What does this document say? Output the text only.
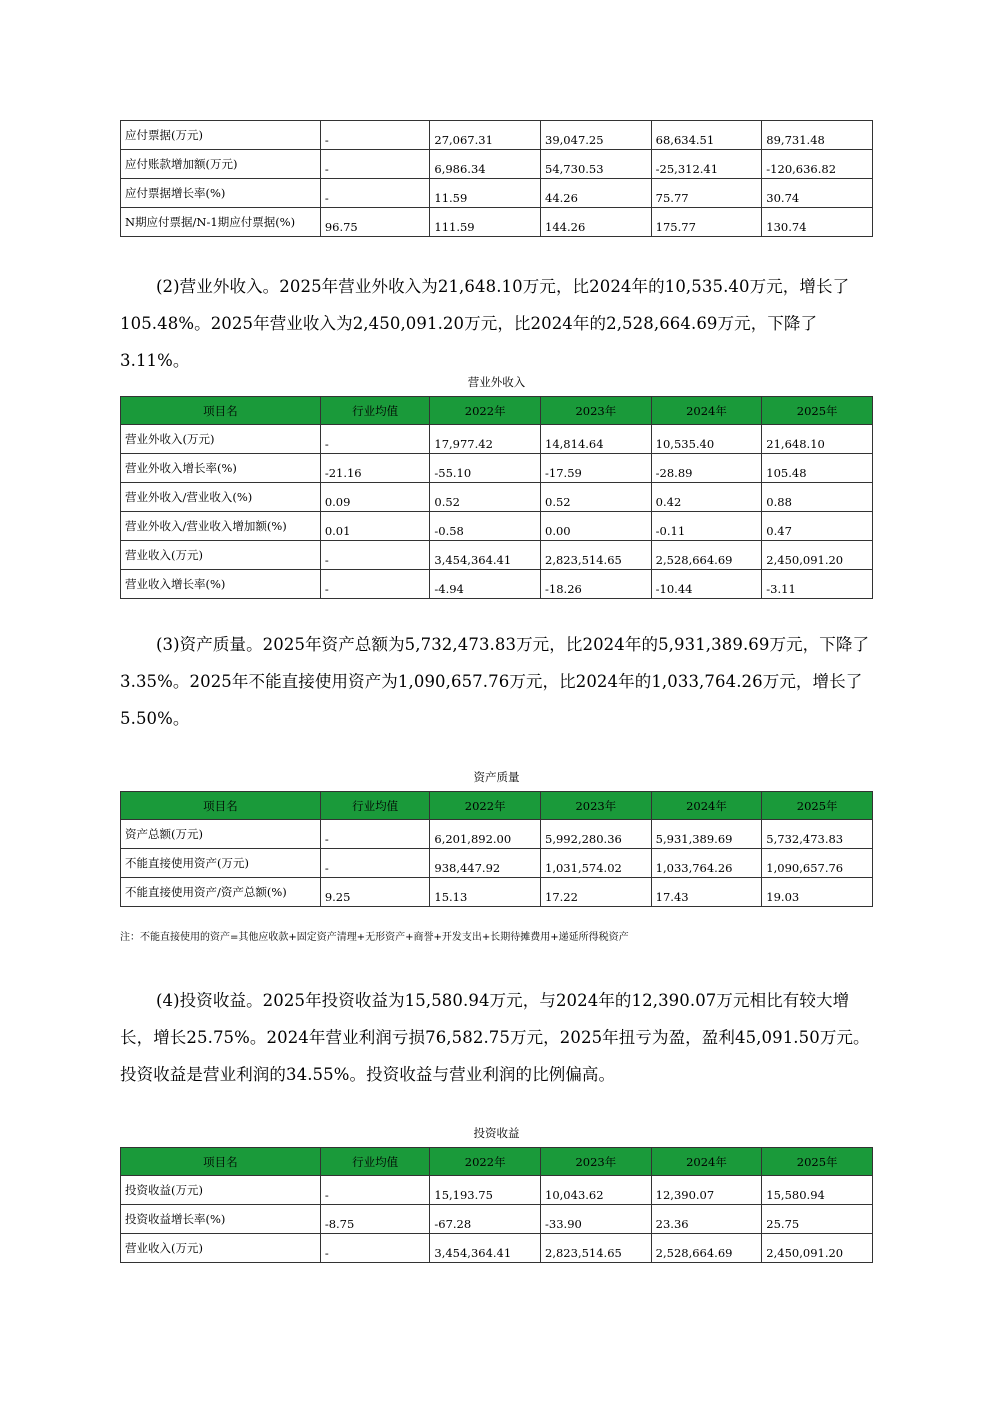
应付票据(万元)	-	27,067.31	39,047.25	68,634.51	89,731.48
应付账款增加额(万元)	-	6,986.34	54,730.53	-25,312.41	-120,636.82
应付票据增长率(%)	-	11.59	44.26	75.77	30.74
N期应付票据/N-1期应付票据(%)	96.75	111.59	144.26	175.77	130.74

(2)营业外收入。2025年营业外收入为21,648.10万元，比2024年的10,535.40万元，增长了105.48%。2025年营业收入为2,450,091.20万元，比2024年的2,528,664.69万元，下降了3.11%。

营业外收入
项目名	行业均值	2022年	2023年	2024年	2025年
营业外收入(万元)	-	17,977.42	14,814.64	10,535.40	21,648.10
营业外收入增长率(%)	-21.16	-55.10	-17.59	-28.89	105.48
营业外收入/营业收入(%)	0.09	0.52	0.52	0.42	0.88
营业外收入/营业收入增加额(%)	0.01	-0.58	0.00	-0.11	0.47
营业收入(万元)	-	3,454,364.41	2,823,514.65	2,528,664.69	2,450,091.20
营业收入增长率(%)	-	-4.94	-18.26	-10.44	-3.11

(3)资产质量。2025年资产总额为5,732,473.83万元，比2024年的5,931,389.69万元，下降了3.35%。2025年不能直接使用资产为1,090,657.76万元，比2024年的1,033,764.26万元，增长了5.50%。

资产质量
项目名	行业均值	2022年	2023年	2024年	2025年
资产总额(万元)	-	6,201,892.00	5,992,280.36	5,931,389.69	5,732,473.83
不能直接使用资产(万元)	-	938,447.92	1,031,574.02	1,033,764.26	1,090,657.76
不能直接使用资产/资产总额(%)	9.25	15.13	17.22	17.43	19.03
注：不能直接使用的资产=其他应收款+固定资产清理+无形资产+商誉+开发支出+长期待摊费用+递延所得税资产

(4)投资收益。2025年投资收益为15,580.94万元，与2024年的12,390.07万元相比有较大增长，增长25.75%。2024年营业利润亏损76,582.75万元，2025年扭亏为盈，盈利45,091.50万元。投资收益是营业利润的34.55%。投资收益与营业利润的比例偏高。

投资收益
项目名	行业均值	2022年	2023年	2024年	2025年
投资收益(万元)	-	15,193.75	10,043.62	12,390.07	15,580.94
投资收益增长率(%)	-8.75	-67.28	-33.90	23.36	25.75
营业收入(万元)	-	3,454,364.41	2,823,514.65	2,528,664.69	2,450,091.20
